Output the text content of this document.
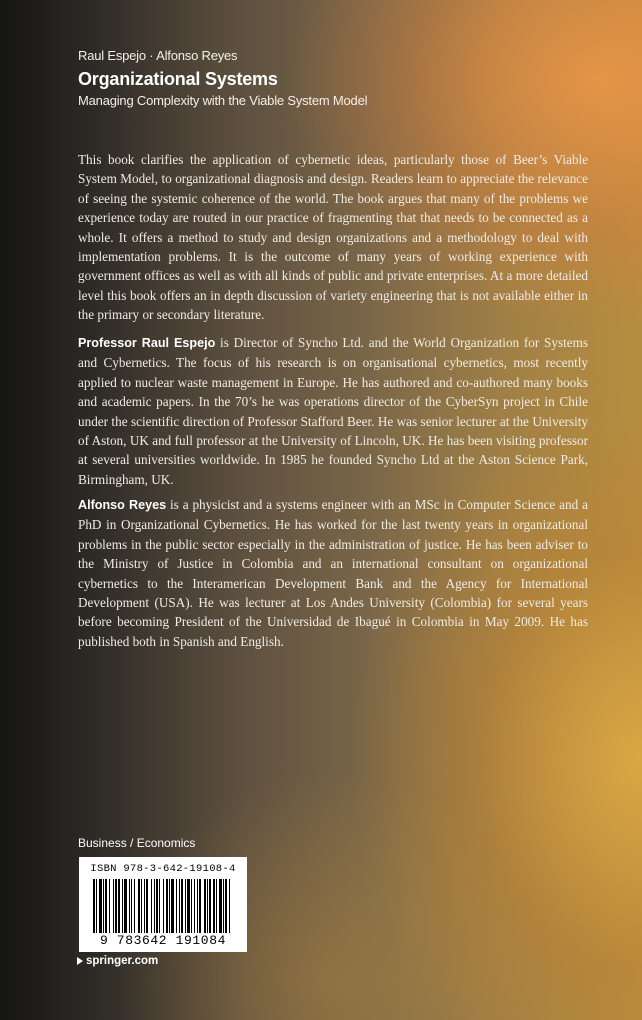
Raul Espejo · Alfonso Reyes
Organizational Systems
Managing Complexity with the Viable System Model

This book clarifies the application of cybernetic ideas, particularly those of Beer’s Viable System Model, to organizational diagnosis and design. Readers learn to appreciate the relevance of seeing the systemic coherence of the world. The book argues that many of the problems we experience today are routed in our practice of fragmenting that that needs to be connected as a whole. It offers a method to study and design organizations and a methodology to deal with implementation problems. It is the outcome of many years of working experience with government offices as well as with all kinds of public and private enterprises. At a more detailed level this book offers an in depth discussion of variety engineering that is not available either in the primary or secondary literature.

Professor Raul Espejo is Director of Syncho Ltd. and the World Organization for Systems and Cybernetics. The focus of his research is on organisational cybernetics, most recently applied to nuclear waste management in Europe. He has authored and co-authored many books and academic papers. In the 70’s he was operations director of the CyberSyn project in Chile under the scientific direction of Professor Stafford Beer. He was senior lecturer at the University of Aston, UK and full professor at the University of Lincoln, UK. He has been visiting professor at several universities worldwide. In 1985 he founded Syncho Ltd at the Aston Science Park, Birmingham, UK.

Alfonso Reyes is a physicist and a systems engineer with an MSc in Computer Science and a PhD in Organizational Cybernetics. He has worked for the last twenty years in organizational problems in the public sector especially in the administration of justice. He has been adviser to the Ministry of Justice in Colombia and an international consultant on organizational cybernetics to the Interamerican Development Bank and the Agency for International Development (USA). He was lecturer at Los Andes University (Colombia) for several years before becoming President of the Universidad de Ibagué in Colombia in May 2009. He has published both in Spanish and English.

Business / Economics
ISBN 978-3-642-19108-4
9 783642 191084
springer.com
